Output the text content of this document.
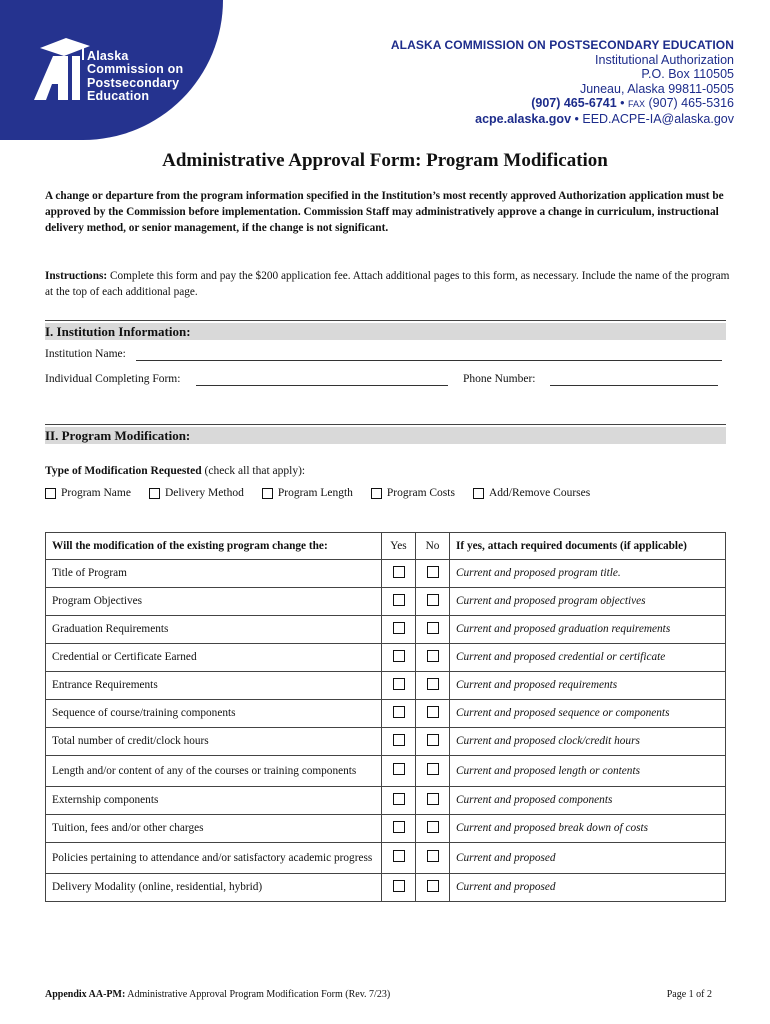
Alaska
Commission on
Postsecondary
Education
ALASKA COMMISSION ON POSTSECONDARY EDUCATION
Institutional Authorization
P.O. Box 110505
Juneau, Alaska 99811-0505
(907) 465-6741 • FAX (907) 465-5316
acpe.alaska.gov • EED.ACPE-IA@alaska.gov
Administrative Approval Form: Program Modification
A change or departure from the program information specified in the Institution’s most recently approved Authorization application must be approved by the Commission before implementation. Commission Staff may administratively approve a change in curriculum, instructional delivery method, or senior management, if the change is not significant.
Instructions: Complete this form and pay the $200 application fee. Attach additional pages to this form, as necessary. Include the name of the program at the top of each additional page.
I. Institution Information:
Institution Name:
Individual Completing Form:	Phone Number:
II. Program Modification:
Type of Modification Requested (check all that apply):
Program Name	Delivery Method	Program Length	Program Costs	Add/Remove Courses
Will the modification of the existing program change the:	Yes	No	If yes, attach required documents (if applicable)
Title of Program			Current and proposed program title.
Program Objectives			Current and proposed program objectives
Graduation Requirements			Current and proposed graduation requirements
Credential or Certificate Earned			Current and proposed credential or certificate
Entrance Requirements			Current and proposed requirements
Sequence of course/training components			Current and proposed sequence or components
Total number of credit/clock hours			Current and proposed clock/credit hours
Length and/or content of any of the courses or training components			Current and proposed length or contents
Externship components			Current and proposed components
Tuition, fees and/or other charges			Current and proposed break down of costs
Policies pertaining to attendance and/or satisfactory academic progress			Current and proposed
Delivery Modality (online, residential, hybrid)			Current and proposed
Appendix AA-PM: Administrative Approval Program Modification Form (Rev. 7/23)	Page 1 of 2
